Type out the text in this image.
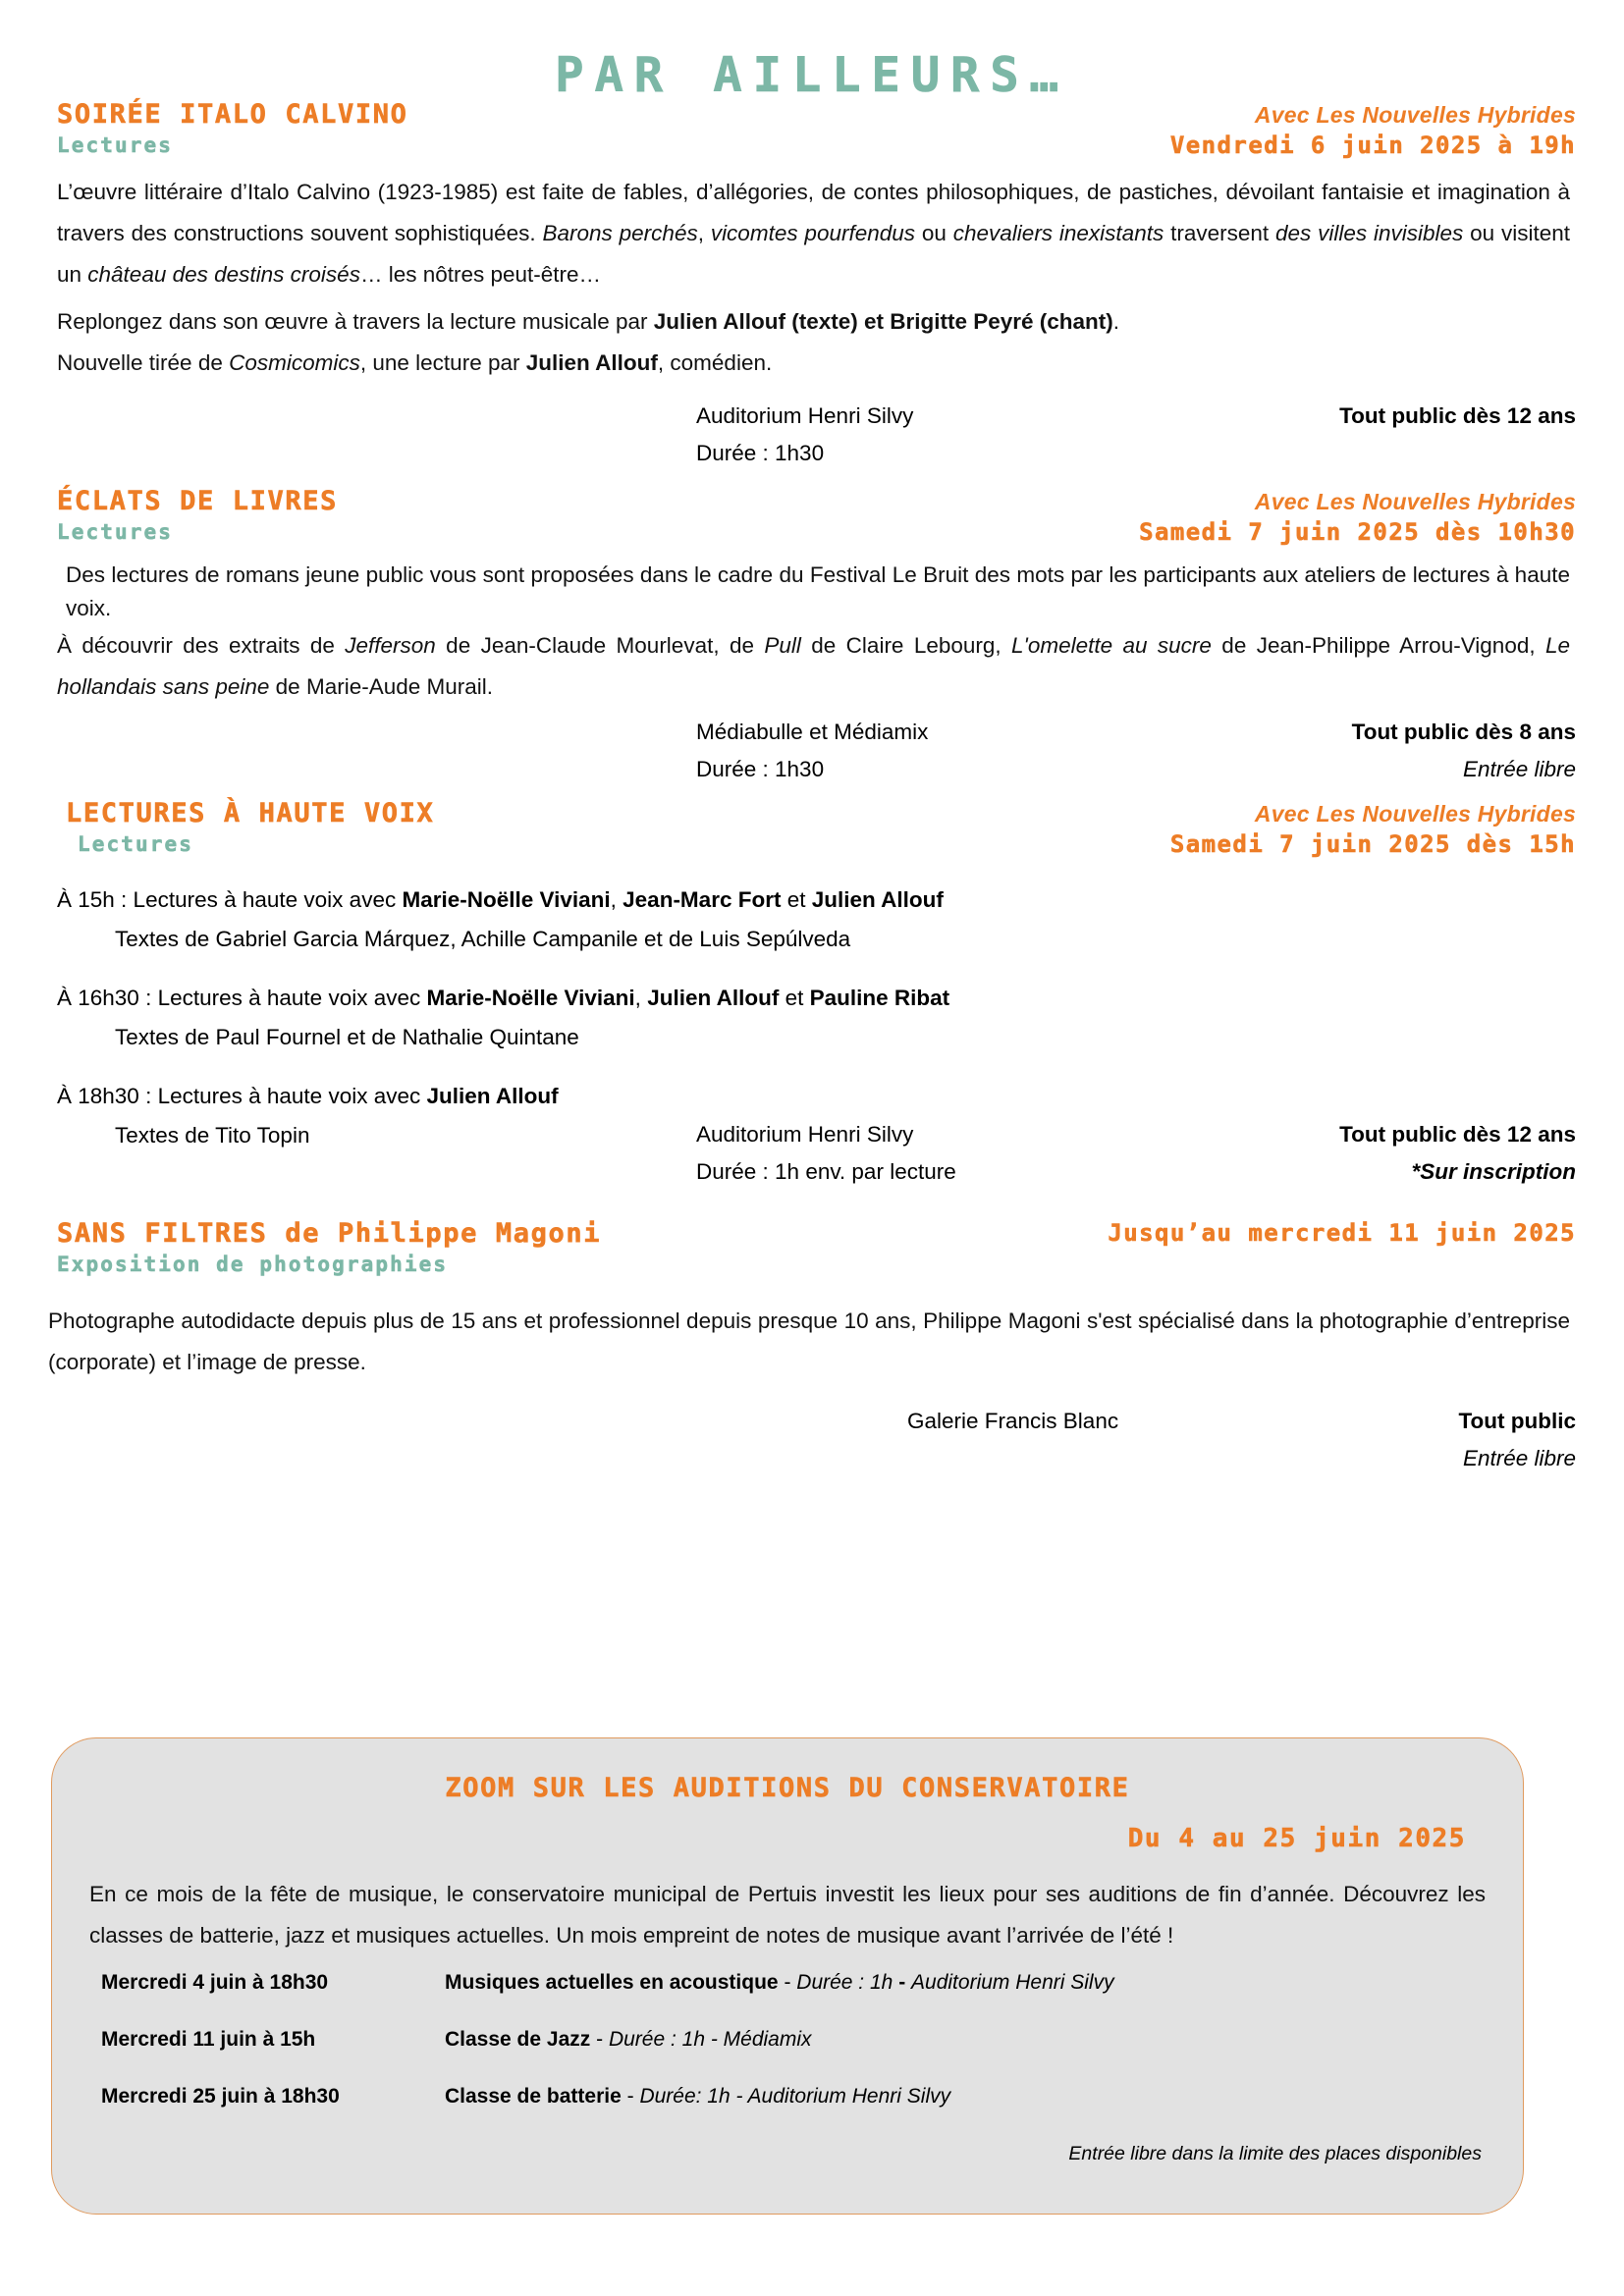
PAR AILLEURS…
SOIRÉE ITALO CALVINO
Lectures
Avec Les Nouvelles Hybrides
Vendredi 6 juin 2025 à 19h

L’œuvre littéraire d’Italo Calvino (1923-1985) est faite de fables, d’allégories, de contes philosophiques, de pastiches, dévoilant fantaisie et imagination à travers des constructions souvent sophistiquées. Barons perchés, vicomtes pourfendus ou chevaliers inexistants traversent des villes invisibles ou visitent un château des destins croisés… les nôtres peut-être…

Replongez dans son œuvre à travers la lecture musicale par Julien Allouf (texte) et Brigitte Peyré (chant).

Nouvelle tirée de Cosmicomics, une lecture par Julien Allouf, comédien.

Auditorium Henri Silvy	Tout public dès 12 ans
Durée : 1h30
ÉCLATS DE LIVRES
Lectures
Avec Les Nouvelles Hybrides
Samedi 7 juin 2025 dès 10h30

Des lectures de romans jeune public vous sont proposées dans le cadre du Festival Le Bruit des mots par les participants aux ateliers de lectures à haute voix.

À découvrir des extraits de Jefferson de Jean-Claude Mourlevat, de Pull de Claire Lebourg, L'omelette au sucre de Jean-Philippe Arrou-Vignod, Le hollandais sans peine de Marie-Aude Murail.

Médiabulle et Médiamix	Tout public dès 8 ans
Durée : 1h30	Entrée libre
LECTURES À HAUTE VOIX
Lectures
Avec Les Nouvelles Hybrides
Samedi 7 juin 2025 dès 15h

À 15h : Lectures à haute voix avec Marie-Noëlle Viviani, Jean-Marc Fort et Julien Allouf

Textes de Gabriel Garcia Márquez, Achille Campanile et de Luis Sepúlveda

À 16h30 : Lectures à haute voix avec Marie-Noëlle Viviani, Julien Allouf et Pauline Ribat

Textes de Paul Fournel et de Nathalie Quintane

À 18h30 : Lectures à haute voix avec Julien Allouf

Textes de Tito Topin	Auditorium Henri Silvy	Tout public dès 12 ans
Durée : 1h env. par lecture	*Sur inscription
SANS FILTRES de Philippe Magoni
Exposition de photographies
Jusqu’au mercredi 11 juin 2025

Photographe autodidacte depuis plus de 15 ans et professionnel depuis presque 10 ans, Philippe Magoni s'est spécialisé dans la photographie d’entreprise (corporate) et l’image de presse.

Galerie Francis Blanc	Tout public
Entrée libre
ZOOM SUR LES AUDITIONS DU CONSERVATOIRE
Du 4 au 25 juin 2025

En ce mois de la fête de musique, le conservatoire municipal de Pertuis investit les lieux pour ses auditions de fin d’année. Découvrez les classes de batterie, jazz et musiques actuelles. Un mois empreint de notes de musique avant l’arrivée de l’été !

Mercredi 4 juin à 18h30	Musiques actuelles en acoustique - Durée : 1h - Auditorium Henri Silvy
Mercredi 11 juin à 15h	Classe de Jazz - Durée : 1h - Médiamix
Mercredi 25 juin à 18h30	Classe de batterie - Durée: 1h - Auditorium Henri Silvy
Entrée libre dans la limite des places disponibles
